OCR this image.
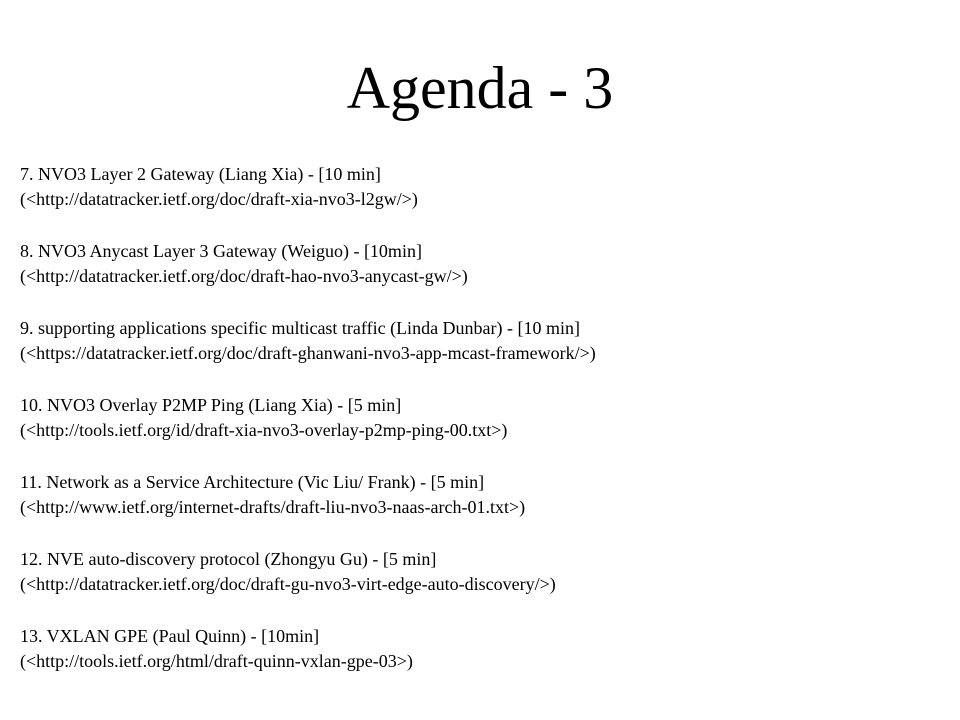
Agenda - 3
7. NVO3 Layer 2 Gateway (Liang Xia) - [10 min]
(<http://datatracker.ietf.org/doc/draft-xia-nvo3-l2gw/>)
8. NVO3 Anycast Layer 3 Gateway (Weiguo) - [10min]
(<http://datatracker.ietf.org/doc/draft-hao-nvo3-anycast-gw/>)
9. supporting applications specific multicast traffic (Linda Dunbar) - [10 min]
(<https://datatracker.ietf.org/doc/draft-ghanwani-nvo3-app-mcast-framework/>)
10. NVO3 Overlay P2MP Ping (Liang Xia) - [5 min]
(<http://tools.ietf.org/id/draft-xia-nvo3-overlay-p2mp-ping-00.txt>)
11. Network as a Service Architecture (Vic Liu/ Frank) - [5 min]
(<http://www.ietf.org/internet-drafts/draft-liu-nvo3-naas-arch-01.txt>)
12. NVE auto-discovery protocol (Zhongyu Gu) - [5 min]
(<http://datatracker.ietf.org/doc/draft-gu-nvo3-virt-edge-auto-discovery/>)
13. VXLAN GPE (Paul Quinn) - [10min]
(<http://tools.ietf.org/html/draft-quinn-vxlan-gpe-03>)
